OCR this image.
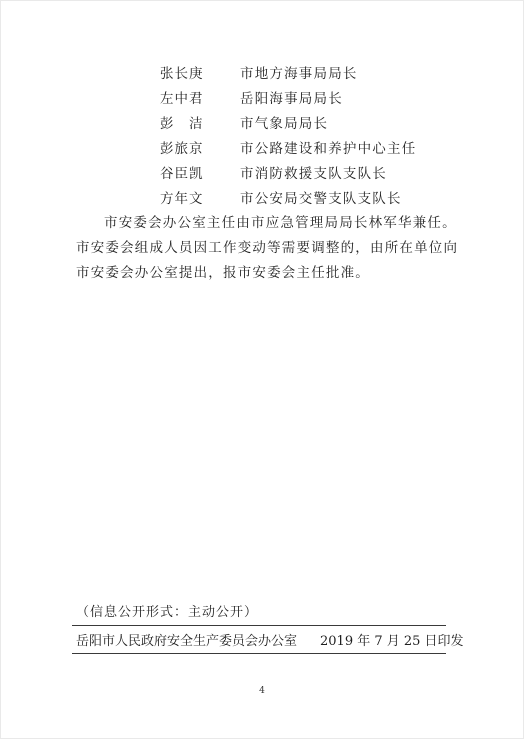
张长庚	市地方海事局局长
左中君	岳阳海事局局长
彭　洁	市气象局局长
彭旅京	市公路建设和养护中心主任
谷臣凯	市消防救援支队支队长
方年文	市公安局交警支队支队长
市安委会办公室主任由市应急管理局局长林军华兼任。
市安委会组成人员因工作变动等需要调整的，由所在单位向
市安委会办公室提出，报市安委会主任批准。
（信息公开形式：主动公开）
岳阳市人民政府安全生产委员会办公室 2019 年 7 月 25 日印发
4
